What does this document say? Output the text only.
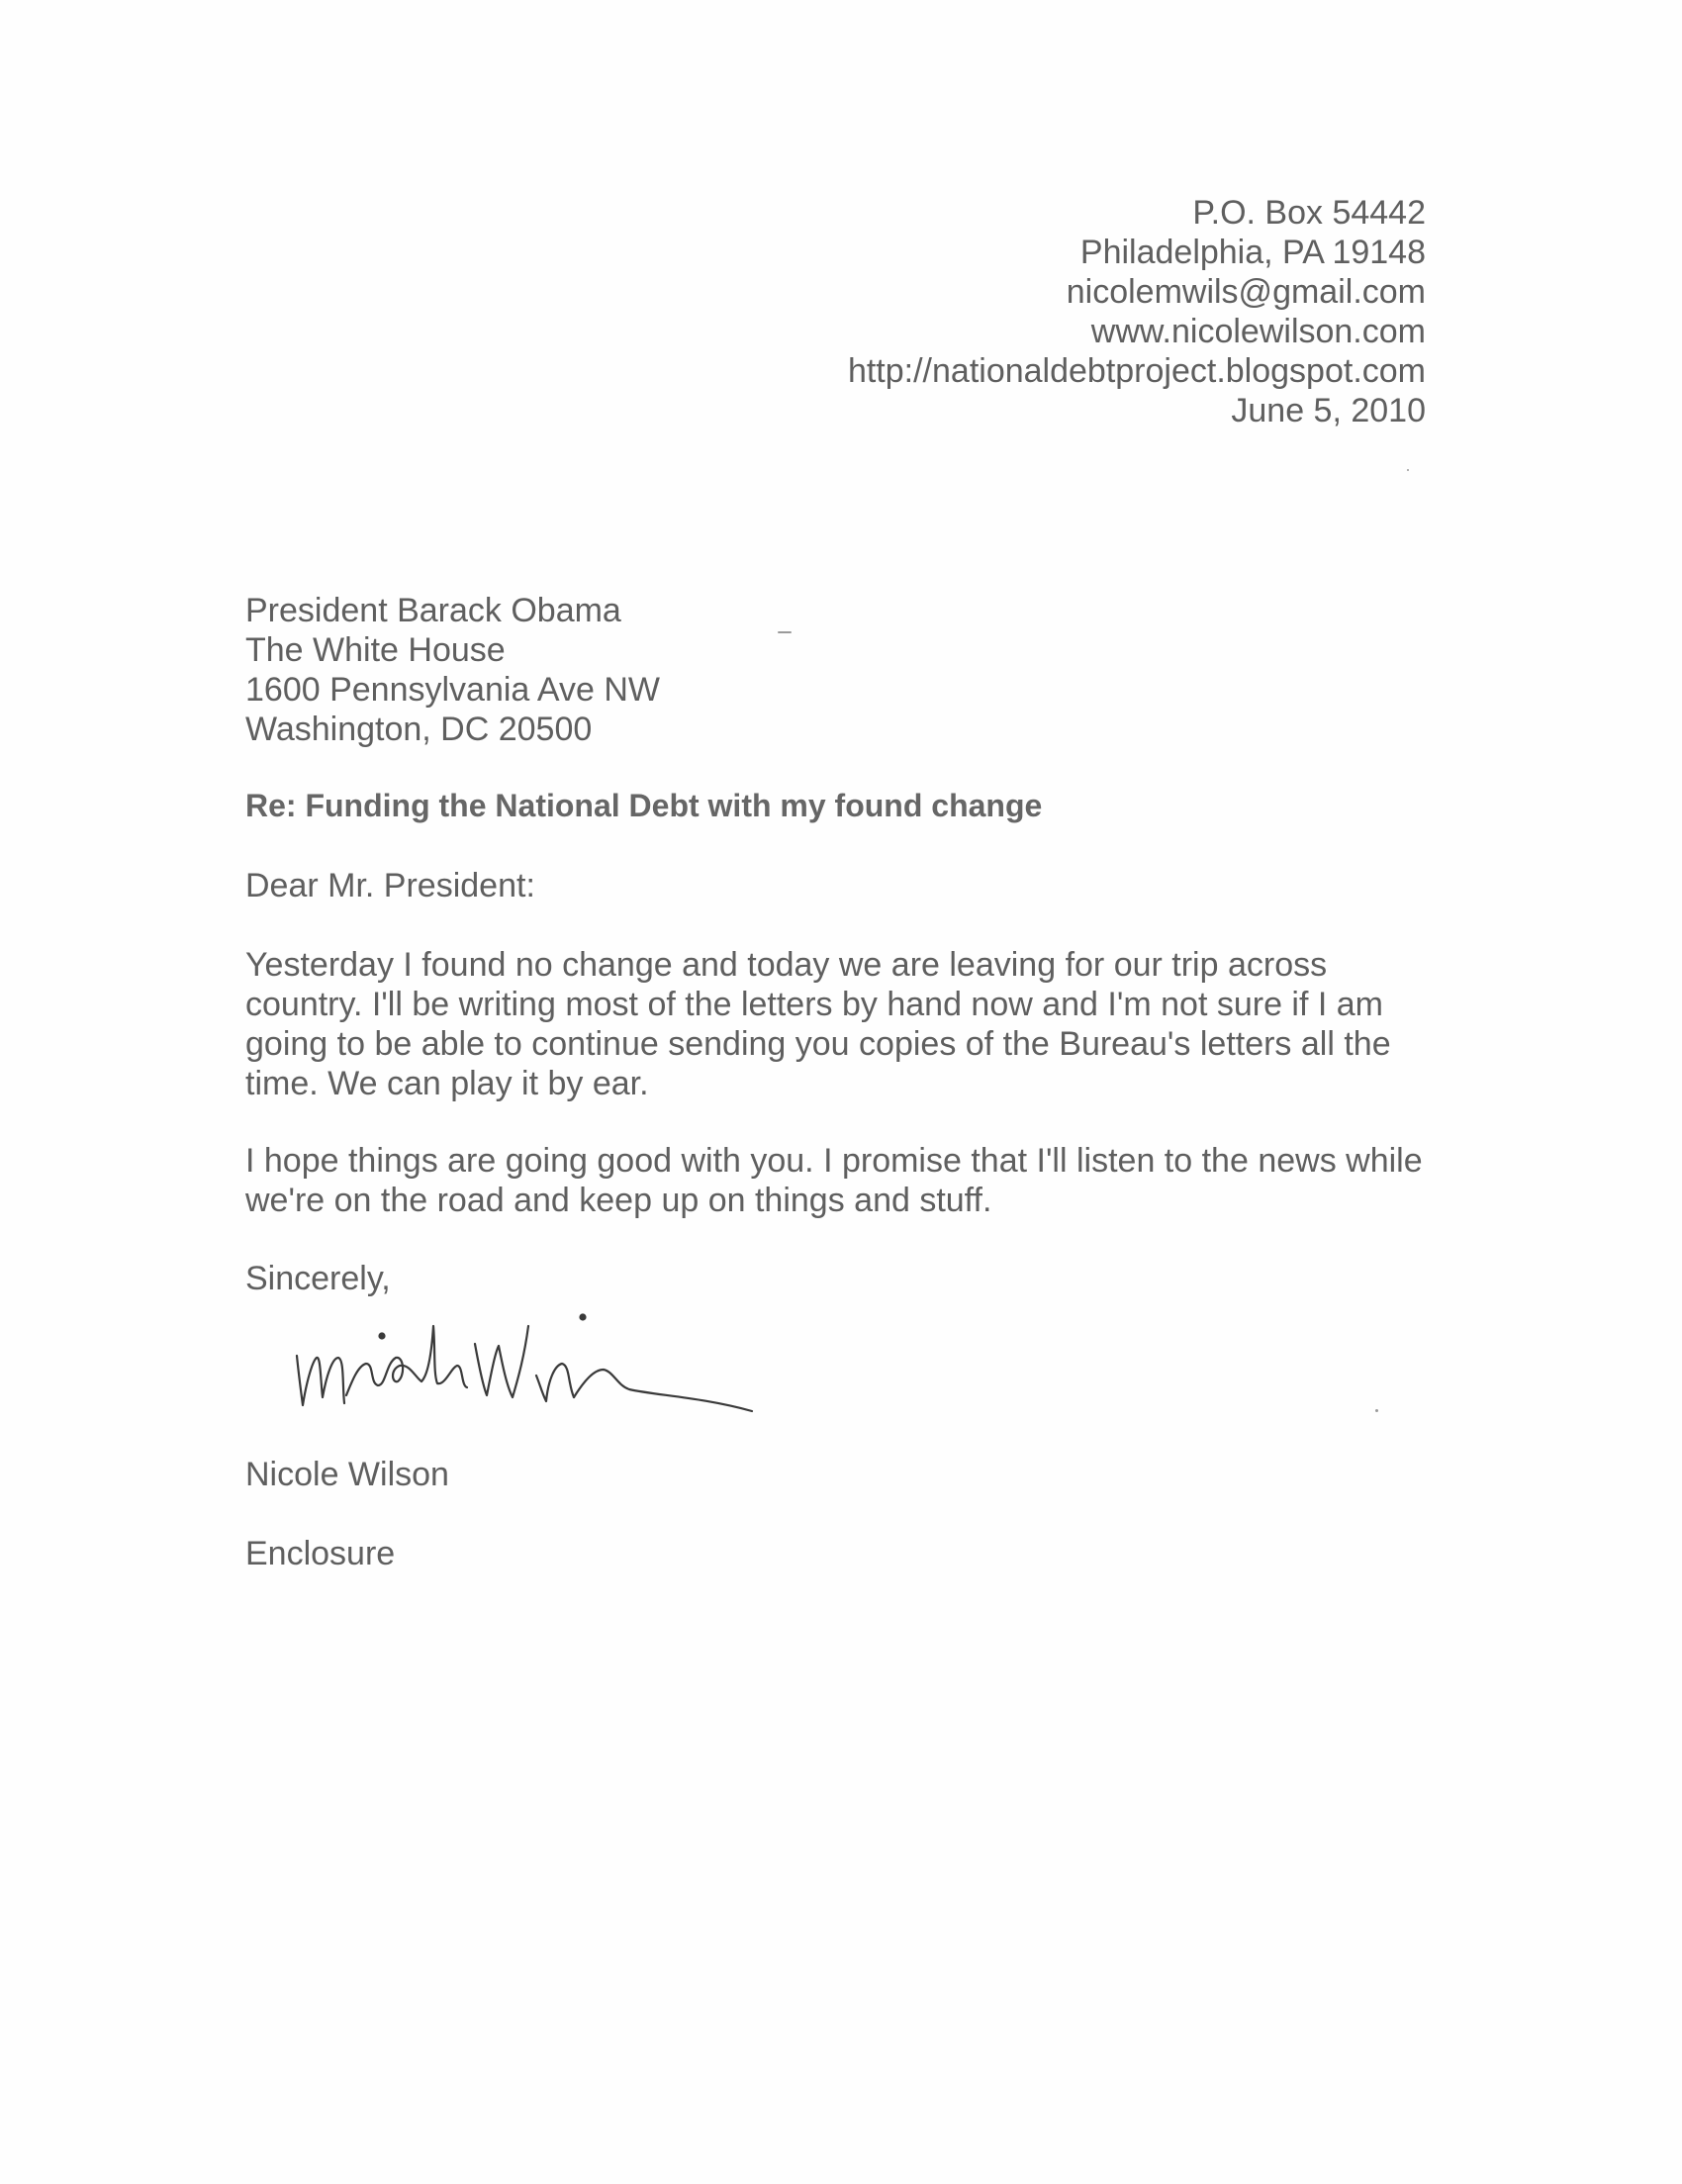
P.O. Box 54442
Philadelphia, PA 19148
nicolemwils@gmail.com
www.nicolewilson.com
http://nationaldebtproject.blogspot.com
June 5, 2010
President Barack Obama
The White House
1600 Pennsylvania Ave NW
Washington, DC 20500
Re: Funding the National Debt with my found change
Dear Mr. President:
Yesterday I found no change and today we are leaving for our trip across
country. I'll be writing most of the letters by hand now and I'm not sure if I am
going to be able to continue sending you copies of the Bureau's letters all the
time. We can play it by ear.
I hope things are going good with you. I promise that I'll listen to the news while
we're on the road and keep up on things and stuff.
Sincerely,
Nicole Wilson
Enclosure
